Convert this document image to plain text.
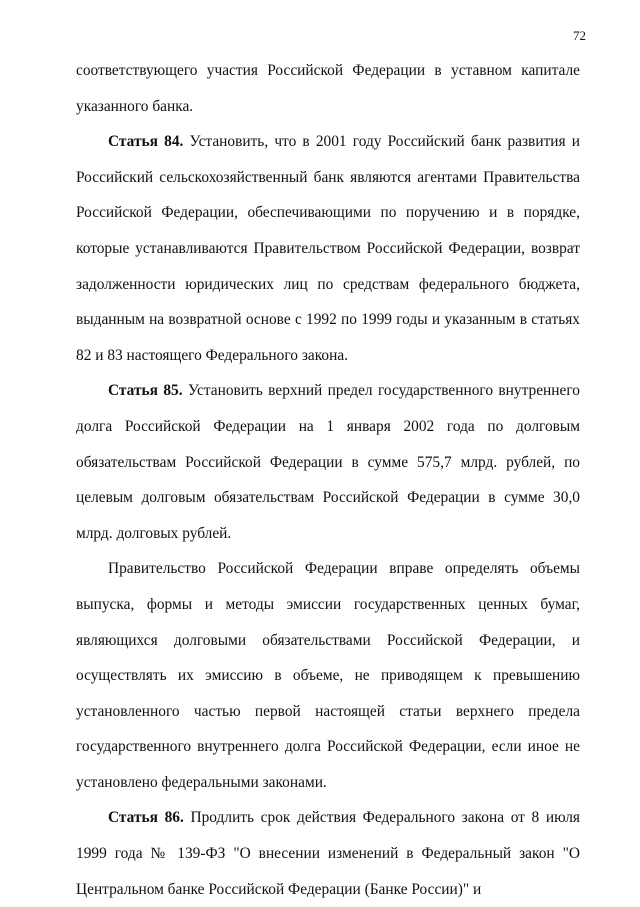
72

соответствующего участия Российской Федерации в уставном капитале указанного банка.

Статья 84. Установить, что в 2001 году Российский банк развития и Российский сельскохозяйственный банк являются агентами Правительства Российской Федерации, обеспечивающими по поручению и в порядке, которые устанавливаются Правительством Российской Федерации, возврат задолженности юридических лиц по средствам федерального бюджета, выданным на возвратной основе с 1992 по 1999 годы и указанным в статьях 82 и 83 настоящего Федерального закона.

Статья 85. Установить верхний предел государственного внутреннего долга Российской Федерации на 1 января 2002 года по долговым обязательствам Российской Федерации в сумме 575,7 млрд. рублей, по целевым долговым обязательствам Российской Федерации в сумме 30,0 млрд. долговых рублей.

Правительство Российской Федерации вправе определять объемы выпуска, формы и методы эмиссии государственных ценных бумаг, являющихся долговыми обязательствами Российской Федерации, и осуществлять их эмиссию в объеме, не приводящем к превышению установленного частью первой настоящей статьи верхнего предела государственного внутреннего долга Российской Федерации, если иное не установлено федеральными законами.

Статья 86. Продлить срок действия Федерального закона от 8 июля 1999 года № 139-ФЗ "О внесении изменений в Федеральный закон "О Центральном банке Российской Федерации (Банке России)" и
